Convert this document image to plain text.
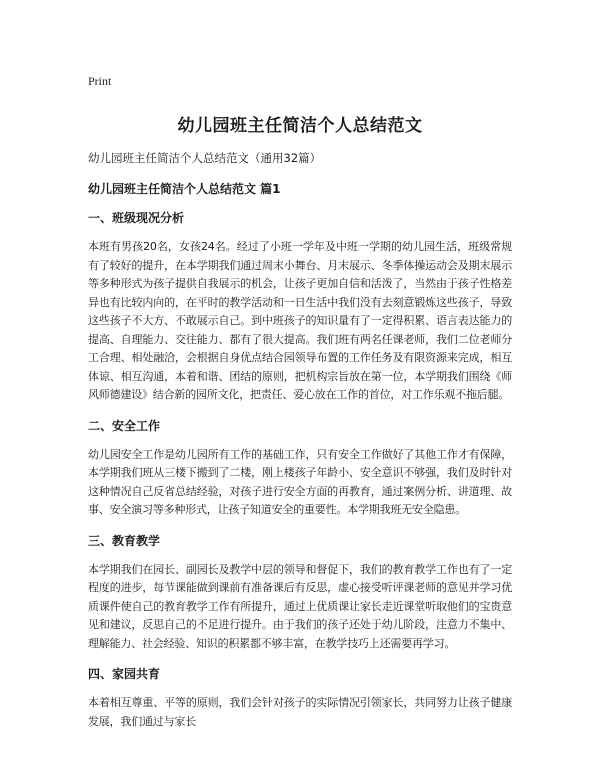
Print
幼儿园班主任简洁个人总结范文
幼儿园班主任简洁个人总结范文（通用32篇）
幼儿园班主任简洁个人总结范文 篇1
一、班级现况分析
本班有男孩20名，女孩24名。经过了小班一学年及中班一学期的幼儿园生活，班级常规有了较好的提升，在本学期我们通过周末小舞台、月末展示、冬季体操运动会及期末展示等多种形式为孩子提供自我展示的机会，让孩子更加自信和活泼了，当然由于孩子性格差异也有比较内向的，在平时的教学活动和一日生活中我们没有去刻意锻炼这些孩子，导致这些孩子不大方、不敢展示自己。到中班孩子的知识量有了一定得积累、语言表达能力的提高、自理能力、交往能力、都有了很大提高。我们班有两名任课老师，我们二位老师分工合理、相处融洽，会根据自身优点结合园领导布置的工作任务及有限资源来完成，相互体谅、相互沟通，本着和谐、团结的原则，把机构宗旨放在第一位，本学期我们围绕《师风师德建设》结合新的园所文化，把责任、爱心放在工作的首位，对工作乐观不拖后腿。
二、安全工作
幼儿园安全工作是幼儿园所有工作的基础工作，只有安全工作做好了其他工作才有保障，本学期我们班从三楼下搬到了二楼，刚上楼孩子年龄小、安全意识不够强，我们及时针对这种情况自己反省总结经验，对孩子进行安全方面的再教育，通过案例分析、讲道理、故事、安全演习等多种形式，让孩子知道安全的重要性。本学期我班无安全隐患。
三、教育教学
本学期我们在园长、副园长及教学中层的领导和督促下，我们的教育教学工作也有了一定程度的进步，每节课能做到课前有准备课后有反思，虚心接受听评课老师的意见并学习优质课件使自己的教育教学工作有所提升，通过上优质课让家长走近课堂听取他们的宝贵意见和建议，反思自己的不足进行提升。由于我们的孩子还处于幼儿阶段，注意力不集中、理解能力、社会经验、知识的积累都不够丰富，在教学技巧上还需要再学习。
四、家园共育
本着相互尊重、平等的原则，我们会针对孩子的实际情况引领家长，共同努力让孩子健康发展，我们通过与家长
